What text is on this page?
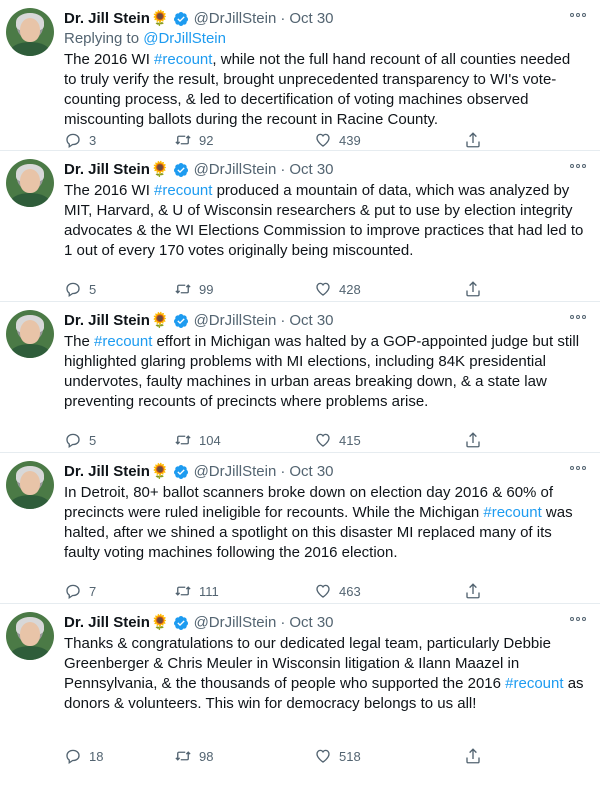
Dr. Jill Stein 🌻 @DrJillStein · Oct 30
Replying to @DrJillStein
The 2016 WI #recount, while not the full hand recount of all counties needed to truly verify the result, brought unprecedented transparency to WI's vote-counting process, & led to decertification of voting machines observed miscounting ballots during the recount in Racine County.
3	92	439
Dr. Jill Stein 🌻 @DrJillStein · Oct 30
The 2016 WI #recount produced a mountain of data, which was analyzed by MIT, Harvard, & U of Wisconsin researchers & put to use by election integrity advocates & the WI Elections Commission to improve practices that had led to 1 out of every 170 votes originally being miscounted.
5	99	428
Dr. Jill Stein 🌻 @DrJillStein · Oct 30
The #recount effort in Michigan was halted by a GOP-appointed judge but still highlighted glaring problems with MI elections, including 84K presidential undervotes, faulty machines in urban areas breaking down, & a state law preventing recounts of precincts where problems arise.
5	104	415
Dr. Jill Stein 🌻 @DrJillStein · Oct 30
In Detroit, 80+ ballot scanners broke down on election day 2016 & 60% of precincts were ruled ineligible for recounts. While the Michigan #recount was halted, after we shined a spotlight on this disaster MI replaced many of its faulty voting machines following the 2016 election.
7	111	463
Dr. Jill Stein 🌻 @DrJillStein · Oct 30
Thanks & congratulations to our dedicated legal team, particularly Debbie Greenberger & Chris Meuler in Wisconsin litigation & Ilann Maazel in Pennsylvania, & the thousands of people who supported the 2016 #recount as donors & volunteers. This win for democracy belongs to us all!
18	98	518
